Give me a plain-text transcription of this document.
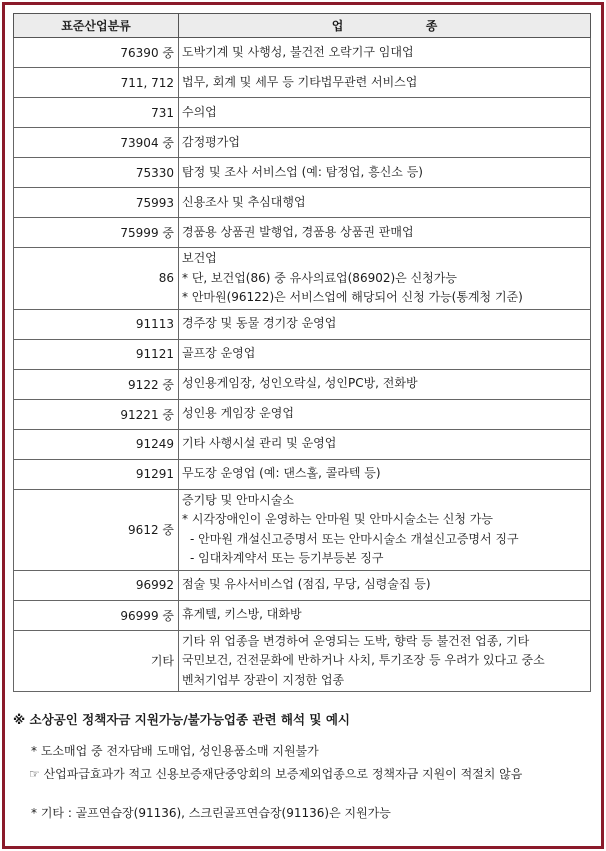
표준산업분류	업 종
76390 중	도박기계 및 사행성, 불건전 오락기구 임대업

711, 712	법무, 회계 및 세무 등 기타법무관련 서비스업

731	수의업

73904 중	감정평가업

75330	탐정 및 조사 서비스업 (예: 탐정업, 흥신소 등)

75993	신용조사 및 추심대행업

75999 중	경품용 상품권 발행업, 경품용 상품권 판매업

86	보건업
* 단, 보건업(86) 중 유사의료업(86902)은 신청가능
* 안마원(96122)은 서비스업에 해당되어 신청 가능(통계청 기준)

91113	경주장 및 동물 경기장 운영업

91121	골프장 운영업

9122 중	성인용게임장, 성인오락실, 성인PC방, 전화방

91221 중	성인용 게임장 운영업

91249	기타 사행시설 관리 및 운영업

91291	무도장 운영업 (예: 댄스홀, 콜라텍 등)

9612 중	증기탕 및 안마시술소
* 시각장애인이 운영하는 안마원 및 안마시술소는 신청 가능
- 안마원 개설신고증명서 또는 안마시술소 개설신고증명서 징구
- 임대차계약서 또는 등기부등본 징구

96992	점술 및 유사서비스업 (점집, 무당, 심령술집 등)

96999 중	휴게텔, 키스방, 대화방

기타	기타 위 업종을 변경하여 운영되는 도박, 향락 등 불건전 업종, 기타
국민보건, 건전문화에 반하거나 사치, 투기조장 등 우려가 있다고 중소
벤처기업부 장관이 지정한 업종
※ 소상공인 정책자금 지원가능/불가능업종 관련 해석 및 예시
* 도소매업 중 전자담배 도매업, 성인용품소매 지원불가
☞ 산업파급효과가 적고 신용보증재단중앙회의 보증제외업종으로 정책자금 지원이 적절치 않음
* 기타 : 골프연습장(91136), 스크린골프연습장(91136)은 지원가능
